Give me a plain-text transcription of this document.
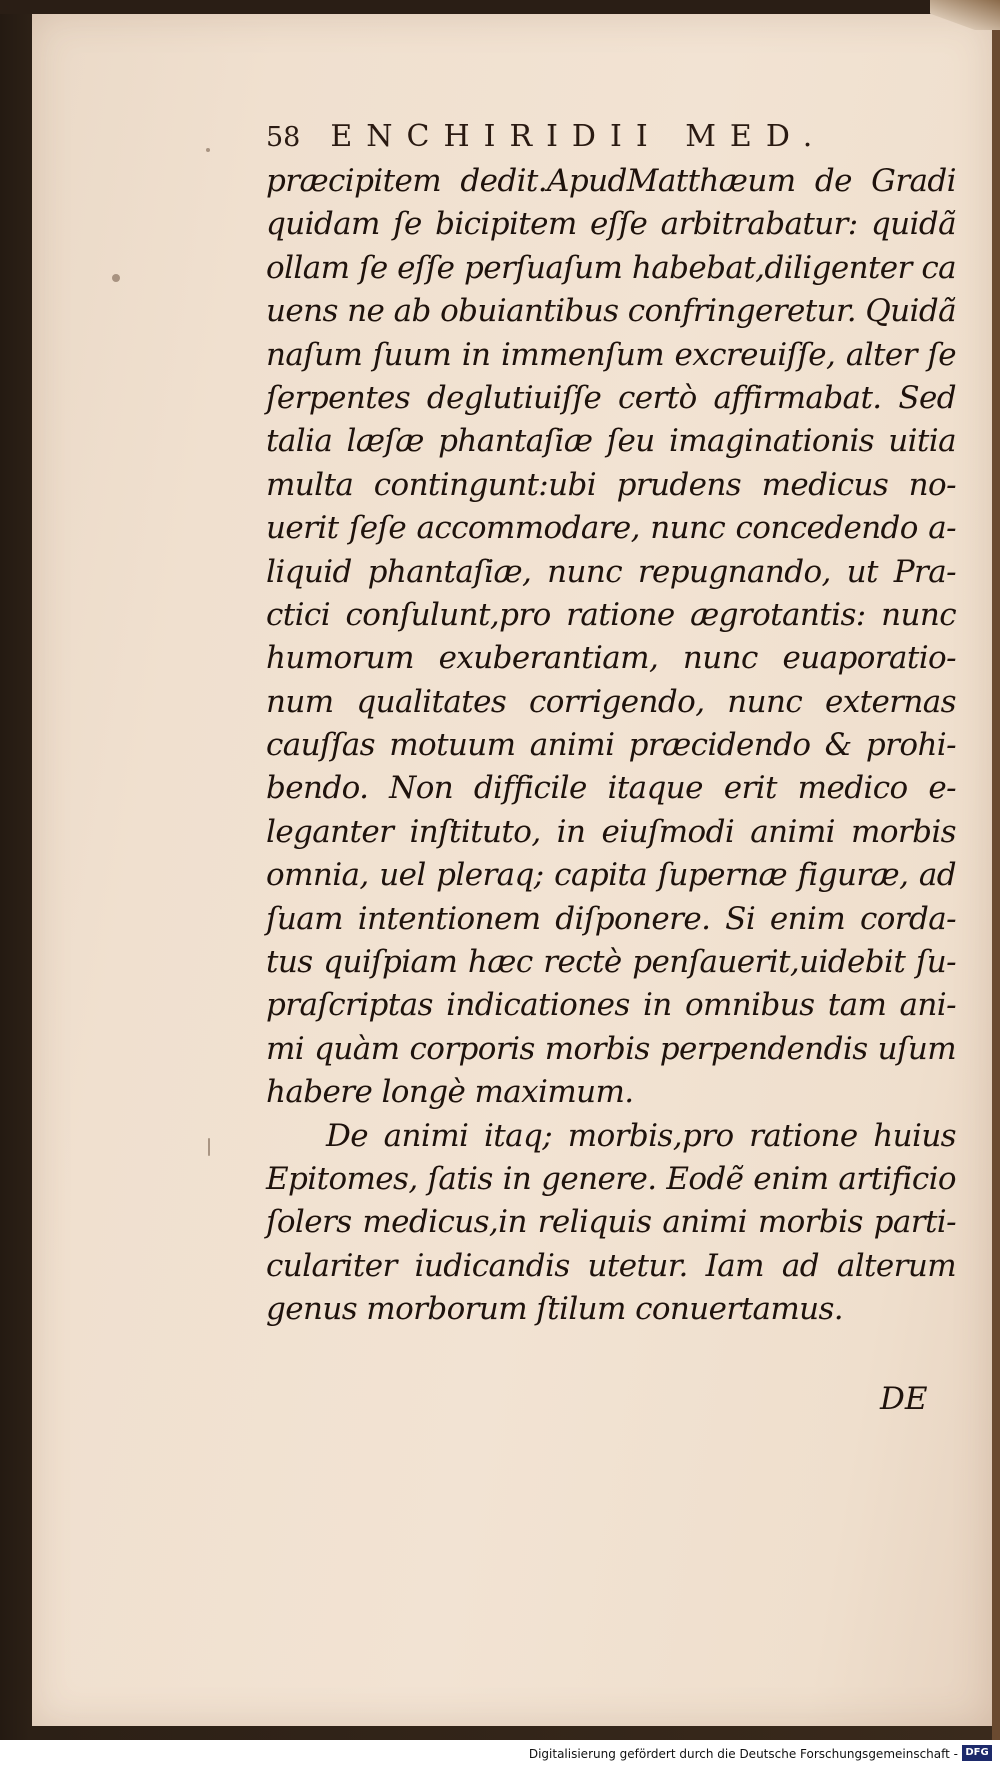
58 ENCHIRIDII MED.
præcipitem dedit.ApudMatthæum de Gradi
quidam ſe bicipitem eſſe arbitrabatur: quidã
ollam ſe eſſe perſuaſum habebat,diligenter ca
uens ne ab obuiantibus confringeretur. Quidã
naſum ſuum in immenſum excreuiſſe, alter ſe
ſerpentes deglutiuiſſe certò affirmabat. Sed
talia læſæ phantaſiæ ſeu imaginationis uitia
multa contingunt:ubi prudens medicus no-
uerit ſeſe accommodare, nunc concedendo a-
liquid phantaſiæ, nunc repugnando, ut Pra-
ctici conſulunt,pro ratione ægrotantis: nunc
humorum exuberantiam, nunc euaporatio-
num qualitates corrigendo, nunc externas
cauſſas motuum animi præcidendo & prohi-
bendo. Non difficile itaque erit medico e-
leganter inſtituto, in eiuſmodi animi morbis
omnia, uel pleraq; capita ſupernæ figuræ, ad
ſuam intentionem diſponere. Si enim corda-
tus quiſpiam hæc rectè penſauerit,uidebit ſu-
praſcriptas indicationes in omnibus tam ani-
mi quàm corporis morbis perpendendis uſum
habere longè maximum.
De animi itaq; morbis,pro ratione huius
Epitomes, ſatis in genere. Eodẽ enim artificio
ſolers medicus,in reliquis animi morbis parti-
culariter iudicandis utetur. Iam ad alterum
genus morborum ſtilum conuertamus.
DE
Digitalisierung gefördert durch die Deutsche Forschungsgemeinschaft - DFG
